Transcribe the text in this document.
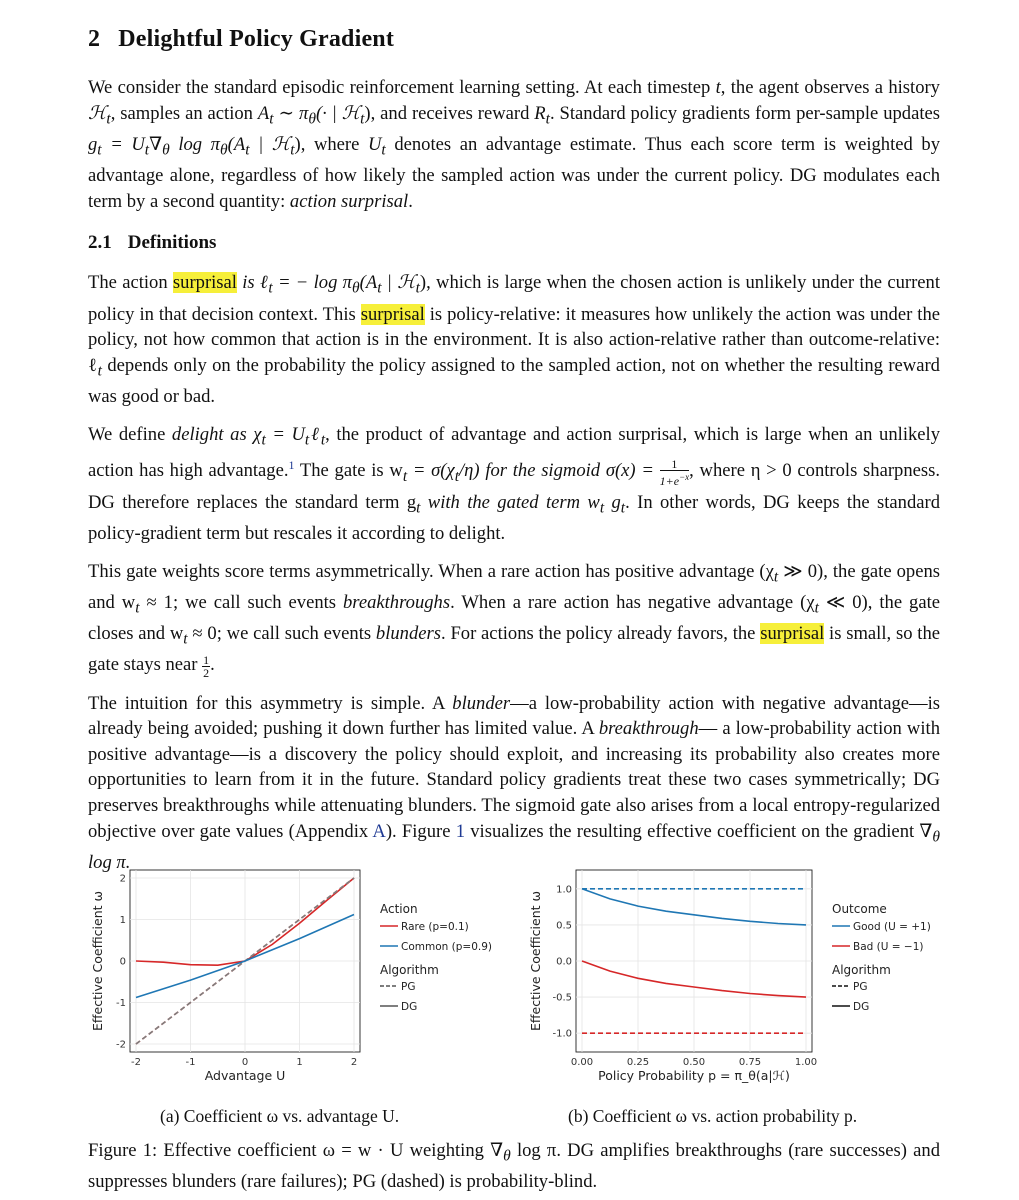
2 Delightful Policy Gradient

We consider the standard episodic reinforcement learning setting. At each timestep t, the agent observes a history ℋ$_t$, samples an action $A_t$ ∼ $\pi_\theta(\cdot$ | ℋ$_t$), and receives reward $R_t$. Standard policy gradients form per-sample updates $g_t = U_t\nabla_\theta$ $\log \pi_\theta(A_t$ | ℋ$_t$), where $U_t$ denotes an advantage estimate. Thus each score term is weighted by advantage alone, regardless of how likely the sampled action was under the current policy. DG modulates each term by a second quantity: action surprisal.

2.1 Definitions

The action surprisal is ℓ$_t$ = − $\log \pi_\theta(A_t$ | ℋ$_t$), which is large when the chosen action is unlikely under the current policy in that decision context. This surprisal is policy-relative: it measures how unlikely the action was under the policy, not how common that action is in the environment. It is also action-relative rather than outcome-relative: ℓ$_t$ depends only on the probability the policy assigned to the sampled action, not on whether the resulting reward was good or bad.

We define delight as $\chi_t$ = $U_t\ell_t$, the product of advantage and action surprisal, which is large when an unlikely action has high advantage.$^1$ The gate is $w_t = \sigma(\chi_t/\eta)$ for the sigmoid $\sigma(x) = \frac{1}{1+e^{-x}}$ , where η > 0 controls sharpness. DG therefore replaces the standard term $g_t$ with the gated term $w_t$ $g_t$. In other words, DG keeps the standard policy-gradient term but rescales it according to delight.

This gate weights score terms asymmetrically. When a rare action has positive advantage ($\chi_t$ ≫ 0), the gate opens and $w_t \approx 1$; we call such events breakthroughs. When a rare action has negative advantage ($\chi_t$ ≪ 0), the gate closes and $w_t \approx 0$; we call such events blunders. For actions the policy already favors, the surprisal is small, so the gate stays near $\frac{1}{2}$ .

The intuition for this asymmetry is simple. A blunder—a low-probability action with negative advantage—is already being avoided; pushing it down further has limited value. A breakthrough— a low-probability action with positive advantage—is a discovery the policy should exploit, and increasing its probability also creates more opportunities to learn from it in the future. Standard policy gradients treat these two cases symmetrically; DG preserves breakthroughs while attenuating blunders. The sigmoid gate also arises from a local entropy-regularized objective over gate values (Appendix A). Figure 1 visualizes the resulting effective coefficient on the gradient $\nabla_\theta$ log π.

-2	-1	0	1	2
2
1
0
-1
-2
Advantage U
Effective Coefficient ω	Action
Rare (p=0.1)
Common (p=0.9)
Algorithm
PG
DG
0.00	0.25	0.50	0.75	1.00
1.0
0.5
0.0
-0.5
-1.0
Policy Probability p = π_θ(a|ℋ)
Effective Coefficient ω	Outcome
Good (U = +1)
Bad (U = −1)
Algorithm
PG
DG
(a) Coefficient ω vs. advantage U.	(b) Coefficient ω vs. action probability p.
Figure 1: Effective coefficient ω = w · U weighting $\nabla_\theta$ log π. DG amplifies breakthroughs (rare successes) and suppresses blunders (rare failures); PG (dashed) is probability-blind.
